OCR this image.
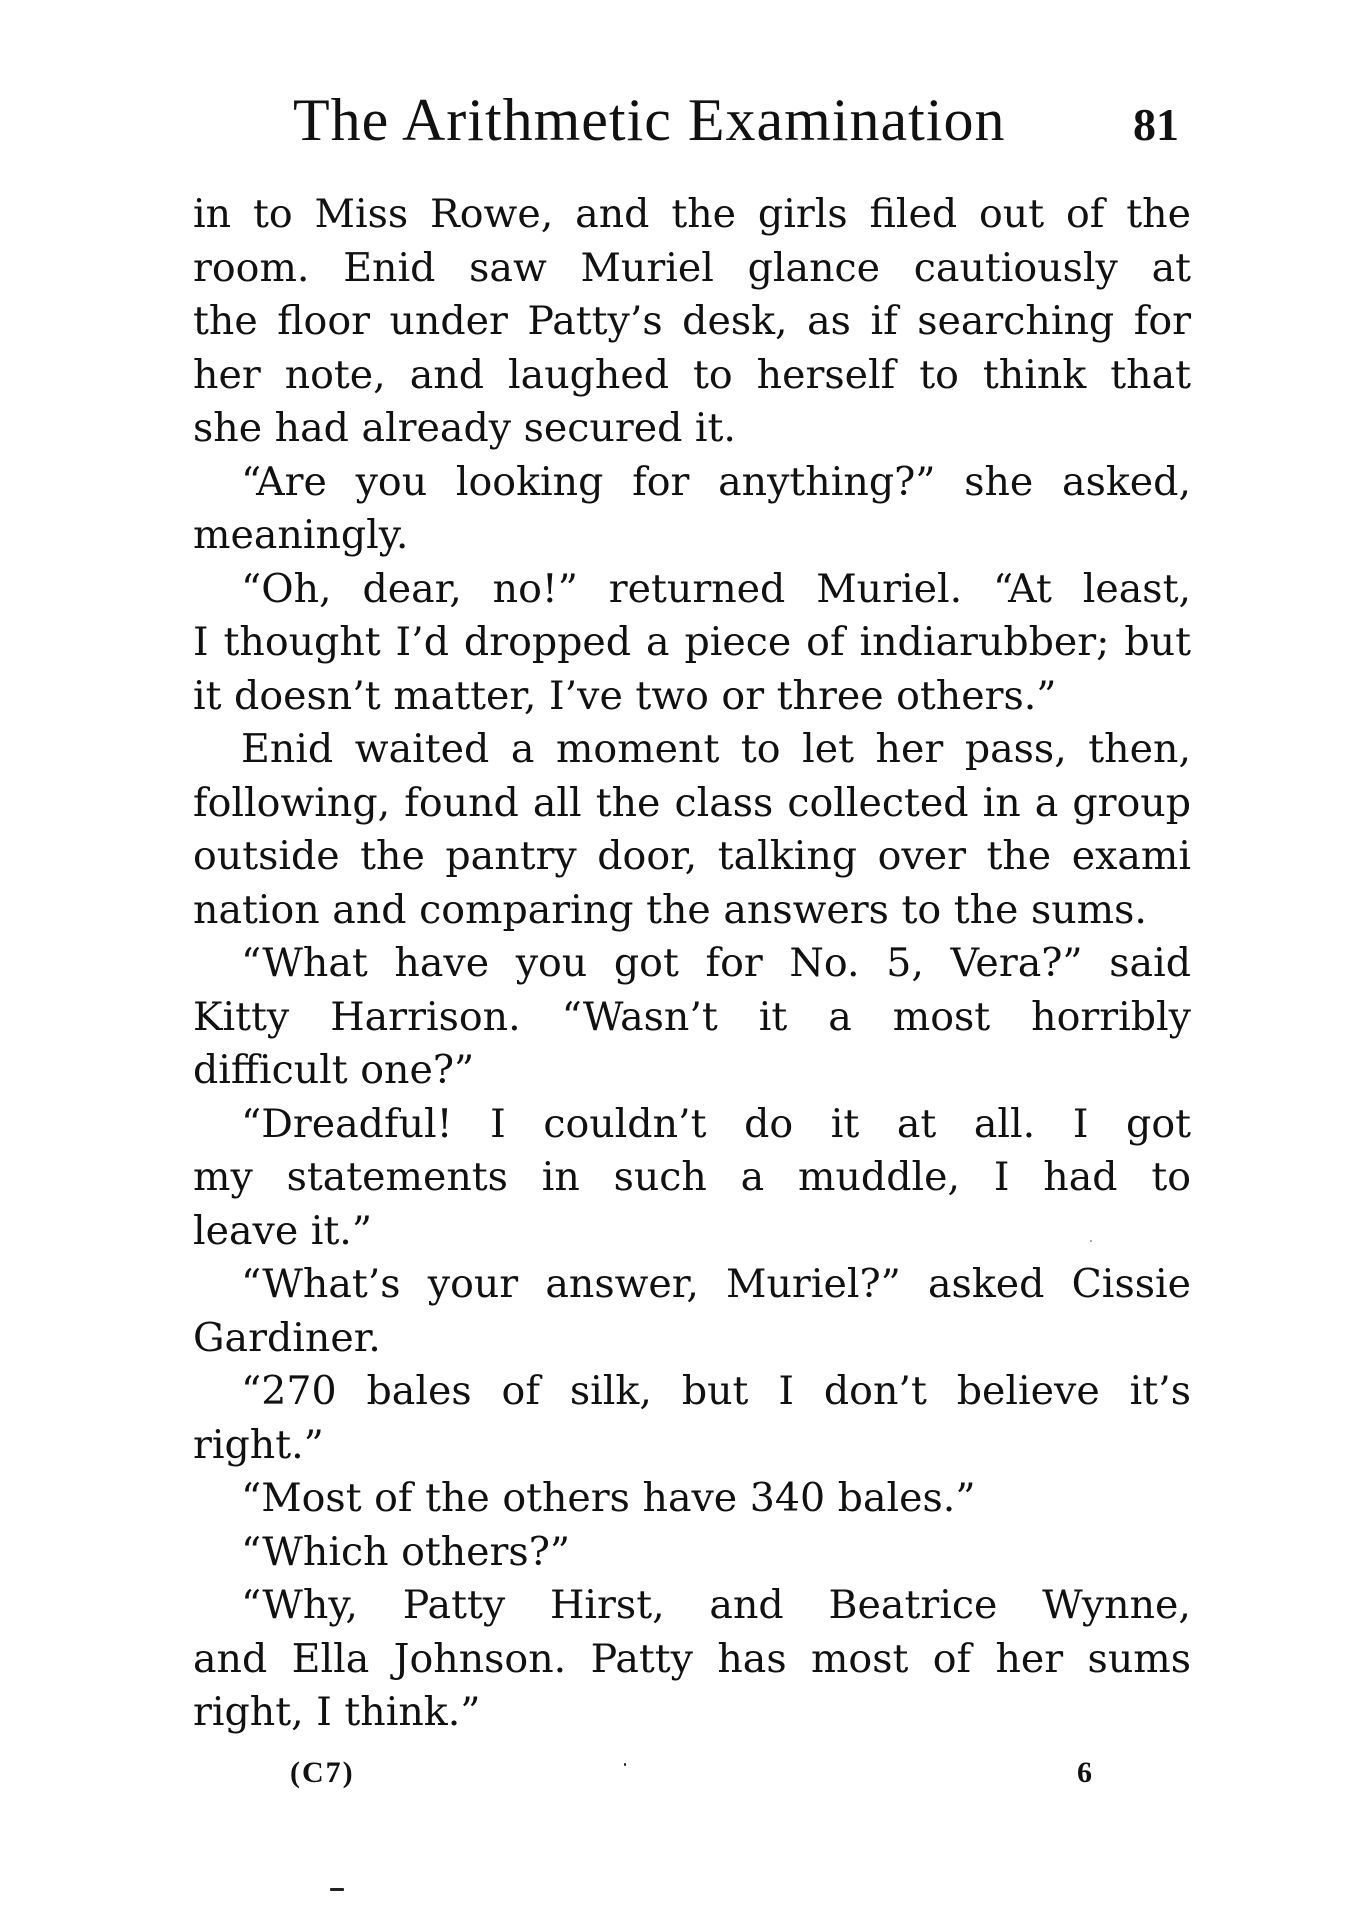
The Arithmetic Examination	81
in to Miss Rowe, and the girls filed out of the
room. Enid saw Muriel glance cautiously at
the floor under Patty’s desk, as if searching for
her note, and laughed to herself to think that
she had already secured it.
“Are you looking for anything?” she asked,
meaningly.
“Oh, dear, no!” returned Muriel. “At least,
I thought I’d dropped a piece of indiarubber; but
it doesn’t matter, I’ve two or three others.”
Enid waited a moment to let her pass, then,
following, found all the class collected in a group
outside the pantry door, talking over the exami
nation and comparing the answers to the sums.
“What have you got for No. 5, Vera?” said
Kitty Harrison. “Wasn’t it a most horribly
difficult one?”
“Dreadful! I couldn’t do it at all. I got
my statements in such a muddle, I had to
leave it.”
“What’s your answer, Muriel?” asked Cissie
Gardiner.
“270 bales of silk, but I don’t believe it’s
right.”
“Most of the others have 340 bales.”
“Which others?”
“Why, Patty Hirst, and Beatrice Wynne,
and Ella Johnson. Patty has most of her sums
right, I think.”
(C7)	6
